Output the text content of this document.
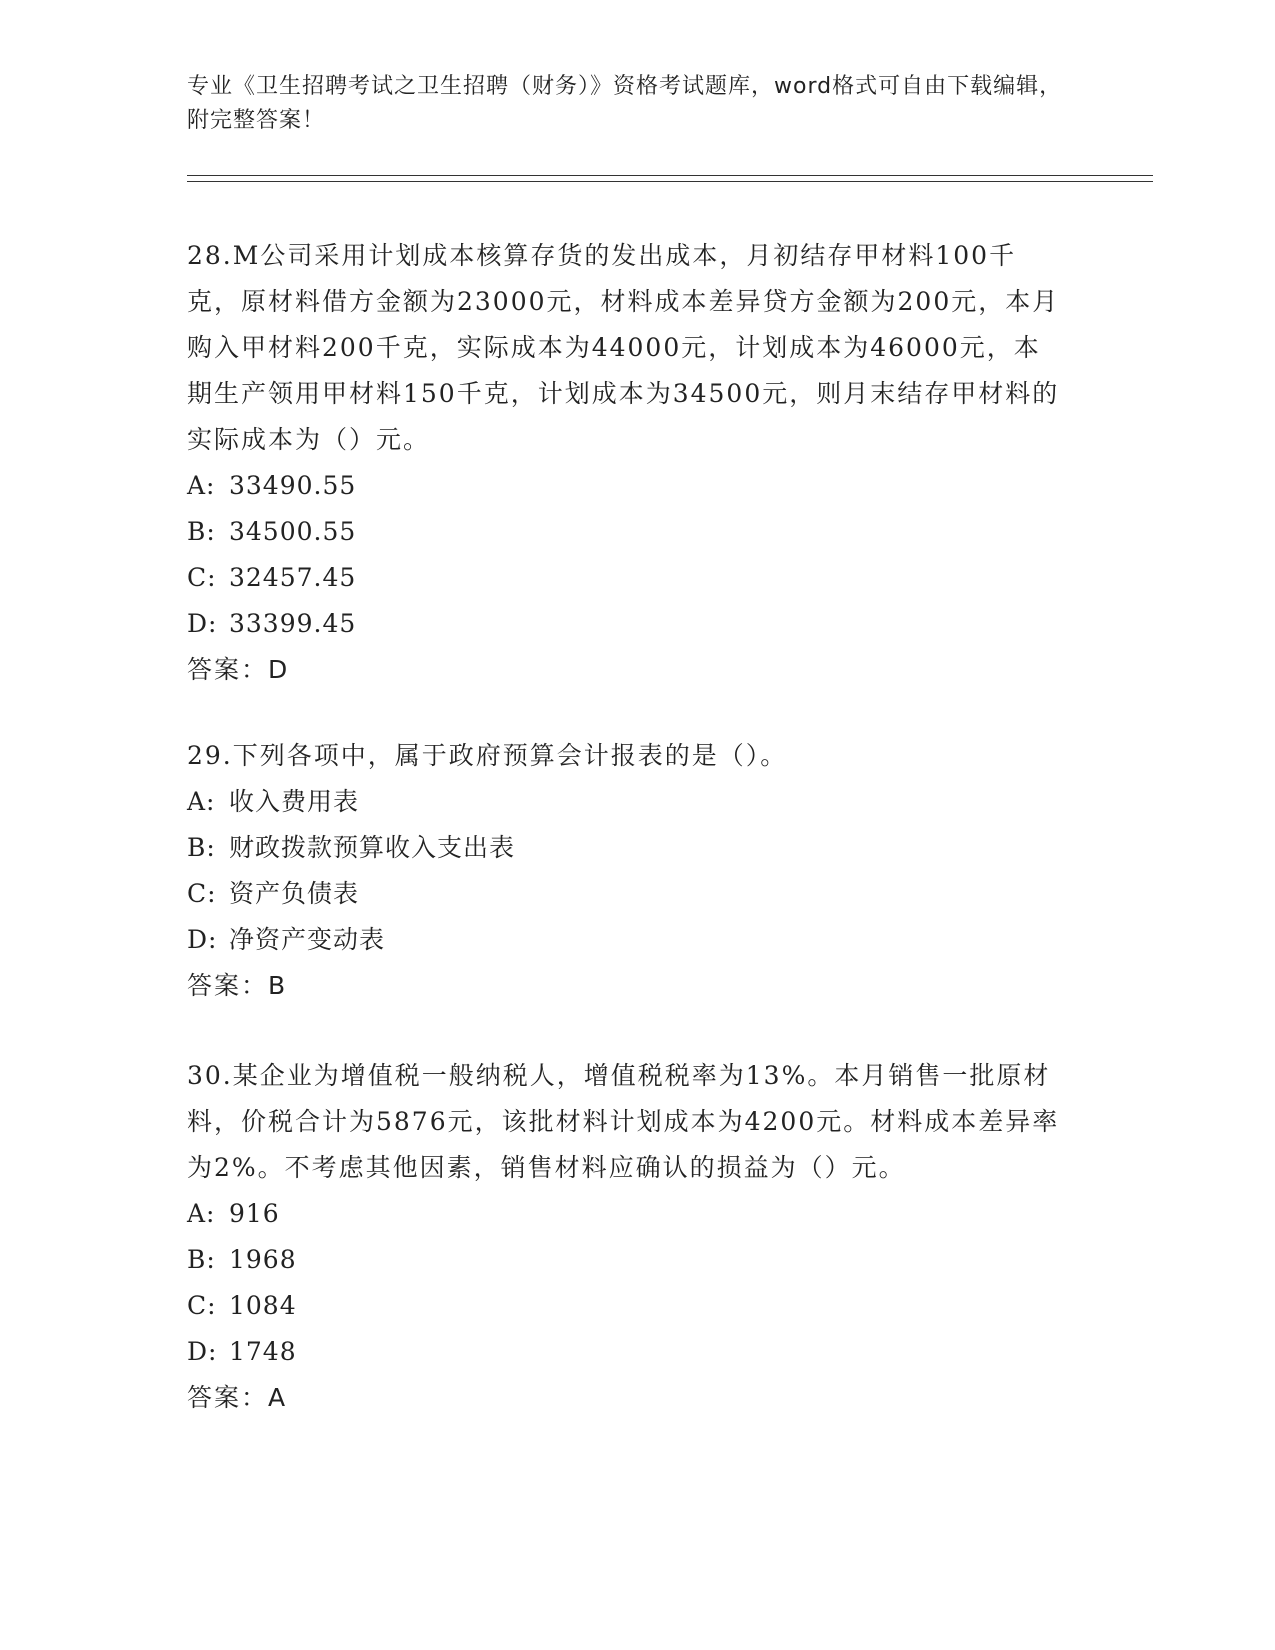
专业《卫生招聘考试之卫生招聘（财务）》资格考试题库，word格式可自由下载编辑，附完整答案！

28.M公司采用计划成本核算存货的发出成本，月初结存甲材料100千克，原材料借方金额为23000元，材料成本差异贷方金额为200元，本月购入甲材料200千克，实际成本为44000元，计划成本为46000元，本期生产领用甲材料150千克，计划成本为34500元，则月末结存甲材料的实际成本为（）元。

A: 33490.55

B: 34500.55

C: 32457.45

D: 33399.45

答案：D

29.下列各项中，属于政府预算会计报表的是（）。

A: 收入费用表

B: 财政拨款预算收入支出表

C: 资产负债表

D: 净资产变动表

答案：B

30.某企业为增值税一般纳税人，增值税税率为13%。本月销售一批原材料，价税合计为5876元，该批材料计划成本为4200元。材料成本差异率为2%。不考虑其他因素，销售材料应确认的损益为（）元。

A: 916

B: 1968

C: 1084

D: 1748

答案：A
